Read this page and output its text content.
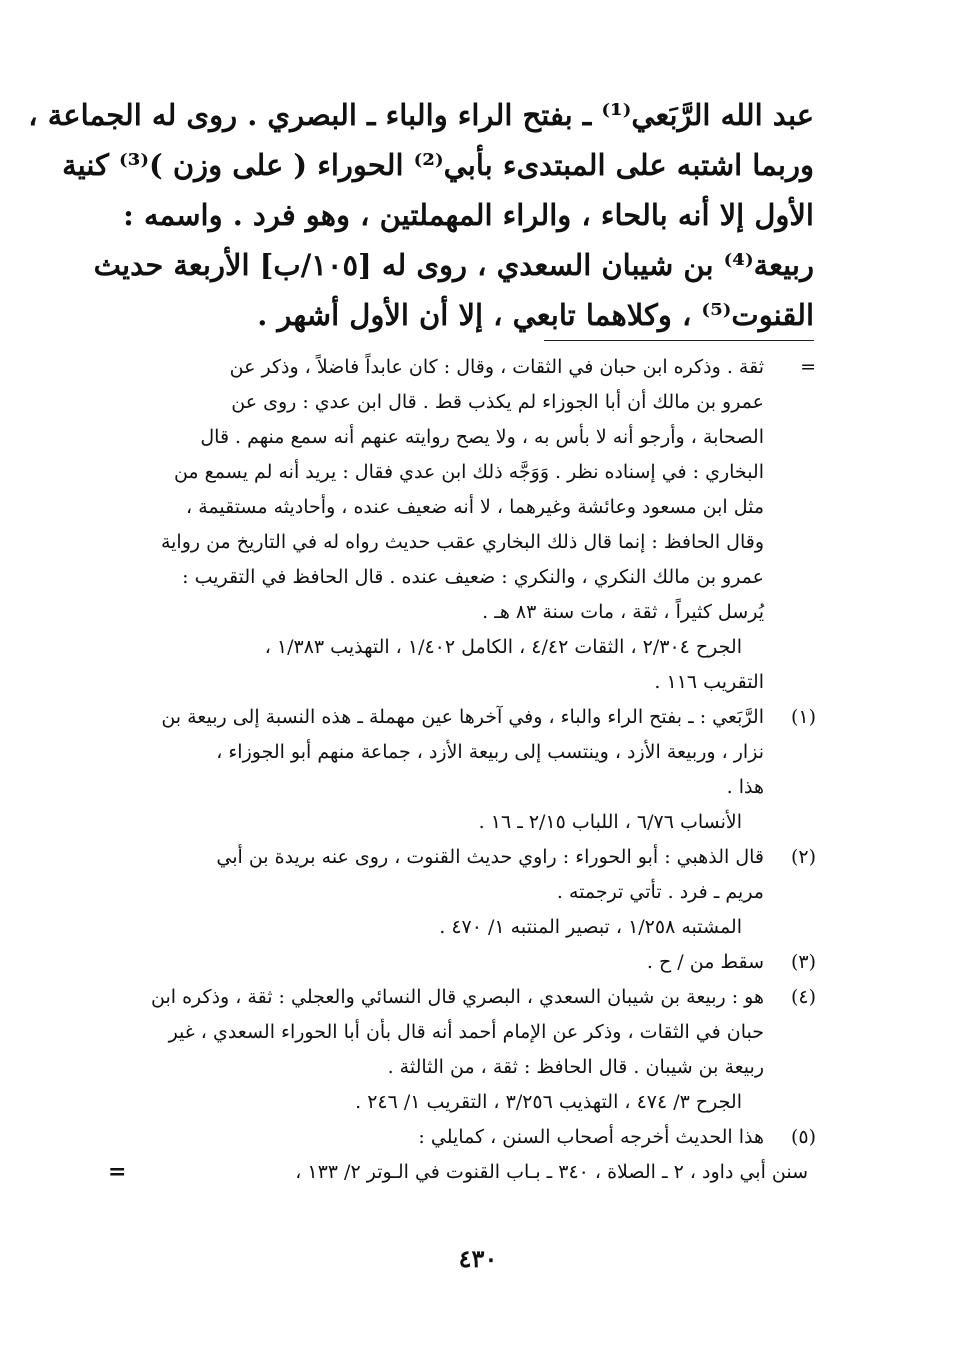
عبد الله الرَّبَعي⁽¹⁾ ـ بفتح الراء والباء ـ البصري . روى له الجماعة ،
وربما اشتبه على المبتدىء بأبي⁽²⁾ الحوراء ( على وزن )⁽³⁾ كنية
الأول إلا أنه بالحاء ، والراء المهملتين ، وهو فرد . واسمه :
ربيعة⁽⁴⁾ بن شيبان السعدي ، روى له [١٠٥/ب] الأربعة حديث
القنوت⁽⁵⁾ ، وكلاهما تابعي ، إلا أن الأول أشهر .
=
ثقة . وذكره ابن حبان في الثقات ، وقال : كان عابداً فاضلاً ، وذكر عن
عمرو بن مالك أن أبا الجوزاء لم يكذب قط . قال ابن عدي : روى عن
الصحابة ، وأرجو أنه لا بأس به ، ولا يصح روايته عنهم أنه سمع منهم . قال
البخاري : في إسناده نظر . وَوَجَّه ذلك ابن عدي فقال : يريد أنه لم يسمع من
مثل ابن مسعود وعائشة وغيرهما ، لا أنه ضعيف عنده ، وأحاديثه مستقيمة ،
وقال الحافظ : إنما قال ذلك البخاري عقب حديث رواه له في التاريخ من رواية
عمرو بن مالك النكري ، والنكري : ضعيف عنده . قال الحافظ في التقريب :
يُرسل كثيراً ، ثقة ، مات سنة ٨٣ هـ .
الجرح ٢/٣٠٤ ، الثقات ٤/٤٢ ، الكامل ١/٤٠٢ ، التهذيب ١/٣٨٣ ،
التقريب ١١٦ .
(١)
الرَّبَعي : ـ بفتح الراء والباء ، وفي آخرها عين مهملة ـ هذه النسبة إلى ربيعة بن
نزار ، وربيعة الأزد ، وينتسب إلى ربيعة الأزد ، جماعة منهم أبو الجوزاء ،
هذا .
الأنساب ٦/٧٦ ، اللباب ٢/١٥ ـ ١٦ .
(٢)
قال الذهبي : أبو الحوراء : راوي حديث القنوت ، روى عنه بريدة بن أبي
مريم ـ فرد . تأتي ترجمته .
المشتبه ١/٢٥٨ ، تبصير المنتبه ١/ ٤٧٠ .
(٣)
سقط من / ح .
(٤)
هو : ربيعة بن شيبان السعدي ، البصري قال النسائي والعجلي : ثقة ، وذكره ابن
حبان في الثقات ، وذكر عن الإمام أحمد أنه قال بأن أبا الحوراء السعدي ، غير
ربيعة بن شيبان . قال الحافظ : ثقة ، من الثالثة .
الجرح ٣/ ٤٧٤ ، التهذيب ٣/٢٥٦ ، التقريب ١/ ٢٤٦ .
(٥)
هذا الحديث أخرجه أصحاب السنن ، كمايلي :
سنن أبي داود ، ٢ ـ الصلاة ، ٣٤٠ ـ بـاب القنوت في الـوتر ٢/ ١٣٣ ،
=
٤٣٠
